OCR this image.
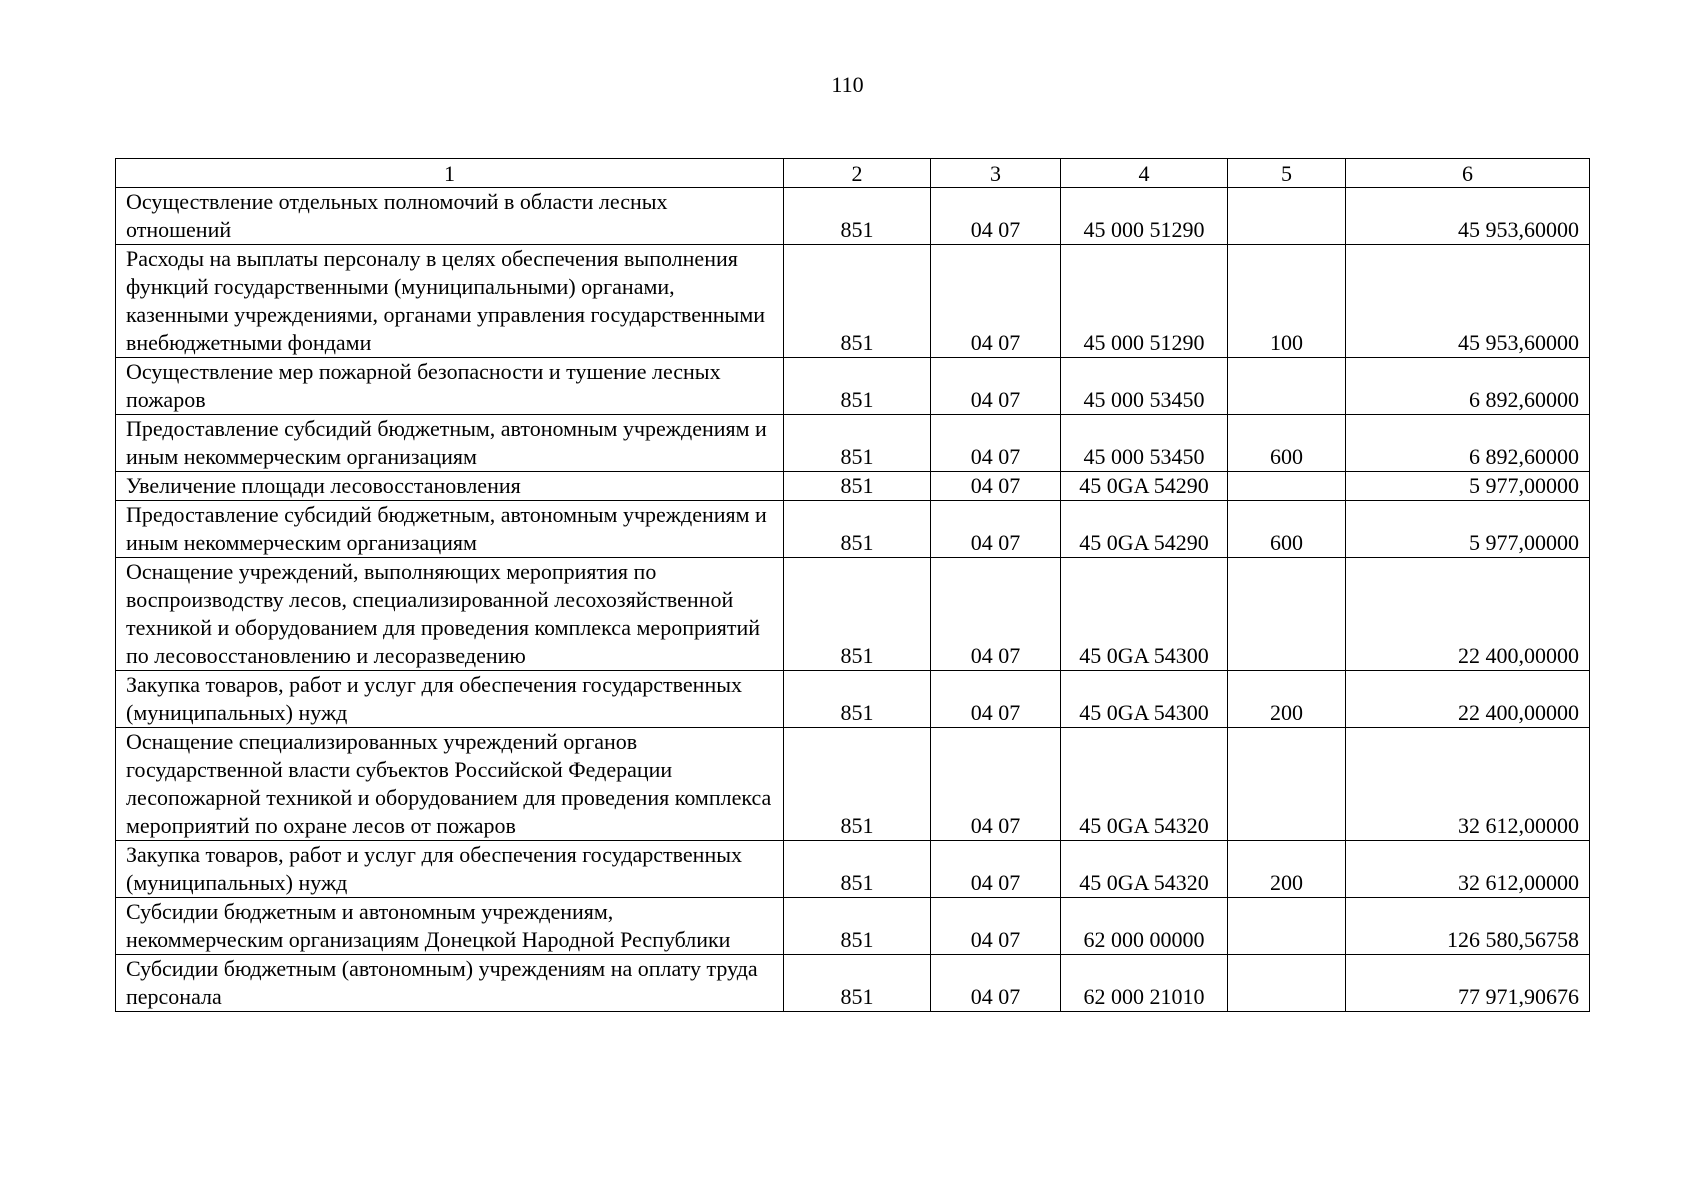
110
1	2	3	4	5	6
Осуществление отдельных полномочий в области лесных отношений	851	04 07	45 000 51290		45 953,60000
Расходы на выплаты персоналу в целях обеспечения выполнения функций государственными (муниципальными) органами, казенными учреждениями, органами управления государственными внебюджетными фондами	851	04 07	45 000 51290	100	45 953,60000
Осуществление мер пожарной безопасности и тушение лесных пожаров	851	04 07	45 000 53450		6 892,60000
Предоставление субсидий бюджетным, автономным учреждениям и иным некоммерческим организациям	851	04 07	45 000 53450	600	6 892,60000
Увеличение площади лесовосстановления	851	04 07	45 0GA 54290		5 977,00000
Предоставление субсидий бюджетным, автономным учреждениям и иным некоммерческим организациям	851	04 07	45 0GA 54290	600	5 977,00000
Оснащение учреждений, выполняющих мероприятия по воспроизводству лесов, специализированной лесохозяйственной техникой и оборудованием для проведения комплекса мероприятий по лесовосстановлению и лесоразведению	851	04 07	45 0GA 54300		22 400,00000
Закупка товаров, работ и услуг для обеспечения государственных (муниципальных) нужд	851	04 07	45 0GA 54300	200	22 400,00000
Оснащение специализированных учреждений органов государственной власти субъектов Российской Федерации лесопожарной техникой и оборудованием для проведения комплекса мероприятий по охране лесов от пожаров	851	04 07	45 0GA 54320		32 612,00000
Закупка товаров, работ и услуг для обеспечения государственных (муниципальных) нужд	851	04 07	45 0GA 54320	200	32 612,00000
Субсидии бюджетным и автономным учреждениям, некоммерческим организациям Донецкой Народной Республики	851	04 07	62 000 00000		126 580,56758
Субсидии бюджетным (автономным) учреждениям на оплату труда персонала	851	04 07	62 000 21010		77 971,90676
